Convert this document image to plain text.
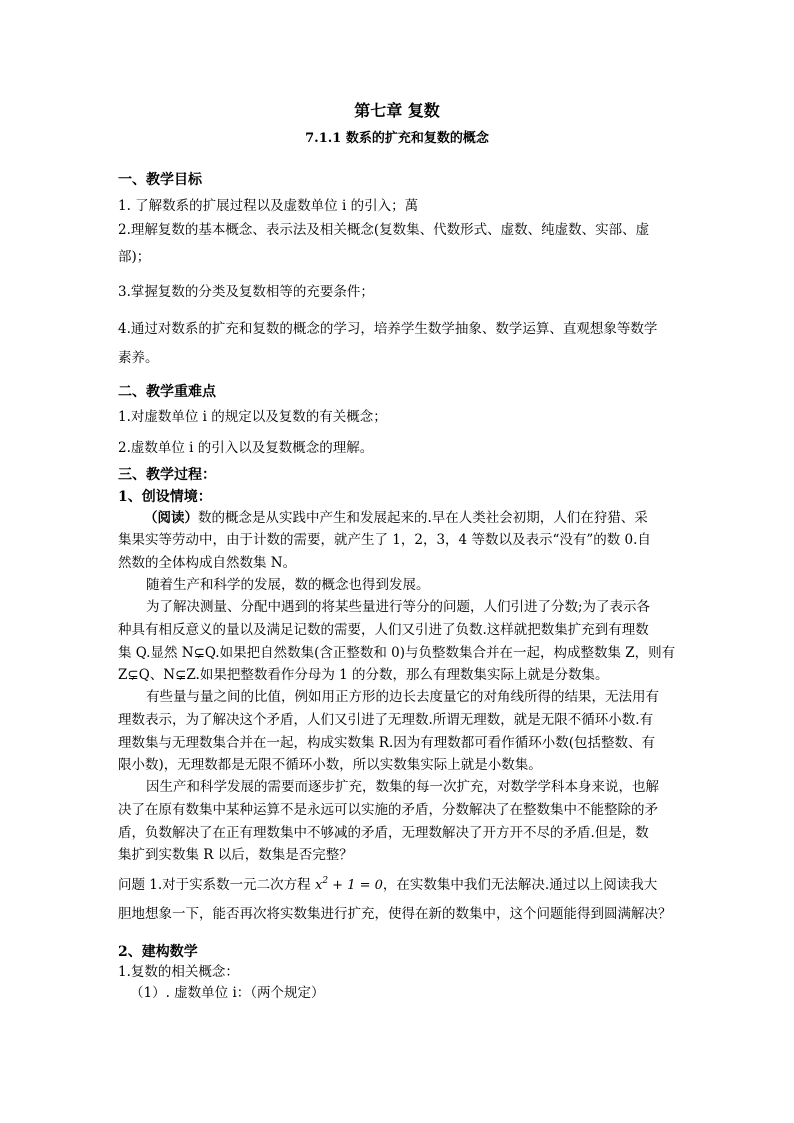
第七章 复数
7.1.1 数系的扩充和复数的概念
一、教学目标
1. 了解数系的扩展过程以及虚数单位 i 的引入；萬
2.理解复数的基本概念、表示法及相关概念(复数集、代数形式、虚数、纯虚数、实部、虚
部)；
3.掌握复数的分类及复数相等的充要条件；
4.通过对数系的扩充和复数的概念的学习，培养学生数学抽象、数学运算、直观想象等数学
素养。
二、教学重难点
1.对虚数单位 i 的规定以及复数的有关概念；
2.虚数单位 i 的引入以及复数概念的理解。
三、教学过程：
1、创设情境：
（阅读）数的概念是从实践中产生和发展起来的.早在人类社会初期，人们在狩猎、采
集果实等劳动中，由于计数的需要，就产生了 1，2，3，4 等数以及表示“没有”的数 0.自
然数的全体构成自然数集 N。
随着生产和科学的发展，数的概念也得到发展。
为了解决测量、分配中遇到的将某些量进行等分的问题，人们引进了分数;为了表示各
种具有相反意义的量以及满足记数的需要，人们又引进了负数.这样就把数集扩充到有理数
集 Q.显然 N⊊Q.如果把自然数集(含正整数和 0)与负整数集合并在一起，构成整数集 Z，则有
Z⊊Q、N⊊Z.如果把整数看作分母为 1 的分数，那么有理数集实际上就是分数集。
有些量与量之间的比值，例如用正方形的边长去度量它的对角线所得的结果，无法用有
理数表示，为了解决这个矛盾，人们又引进了无理数.所谓无理数，就是无限不循环小数.有
理数集与无理数集合并在一起，构成实数集 R.因为有理数都可看作循环小数(包括整数、有
限小数)，无理数都是无限不循环小数，所以实数集实际上就是小数集。
因生产和科学发展的需要而逐步扩充，数集的每一次扩充，对数学学科本身来说，也解
决了在原有数集中某种运算不是永远可以实施的矛盾，分数解决了在整数集中不能整除的矛
盾，负数解决了在正有理数集中不够减的矛盾，无理数解决了开方开不尽的矛盾.但是，数
集扩到实数集 R 以后，数集是否完整？
问题 1.对于实系数一元二次方程 $x^2 + 1 = 0$，在实数集中我们无法解决.通过以上阅读我大
胆地想象一下，能否再次将实数集进行扩充，使得在新的数集中，这个问题能得到圆满解决？
2、建构数学
1.复数的相关概念：
（1）. 虚数单位 i：（两个规定）
